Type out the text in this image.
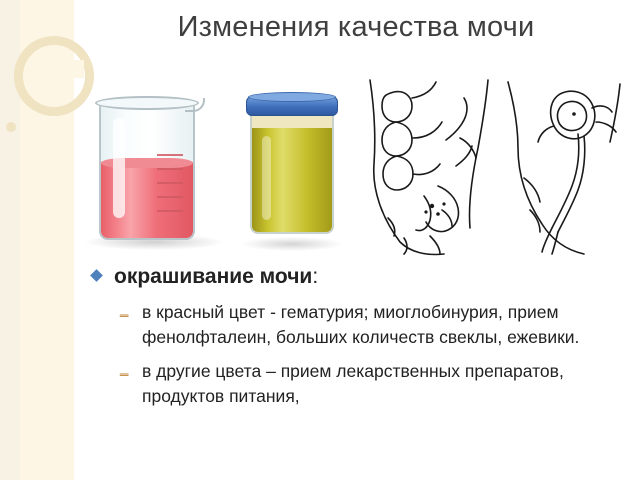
Изменения качества мочи
окрашивание мочи:
‗ в красный цвет - гематурия; миоглобинурия, прием фенолфталеин, больших количеств свеклы, ежевики.
‗ в другие цвета – прием лекарственных препаратов, продуктов питания,
